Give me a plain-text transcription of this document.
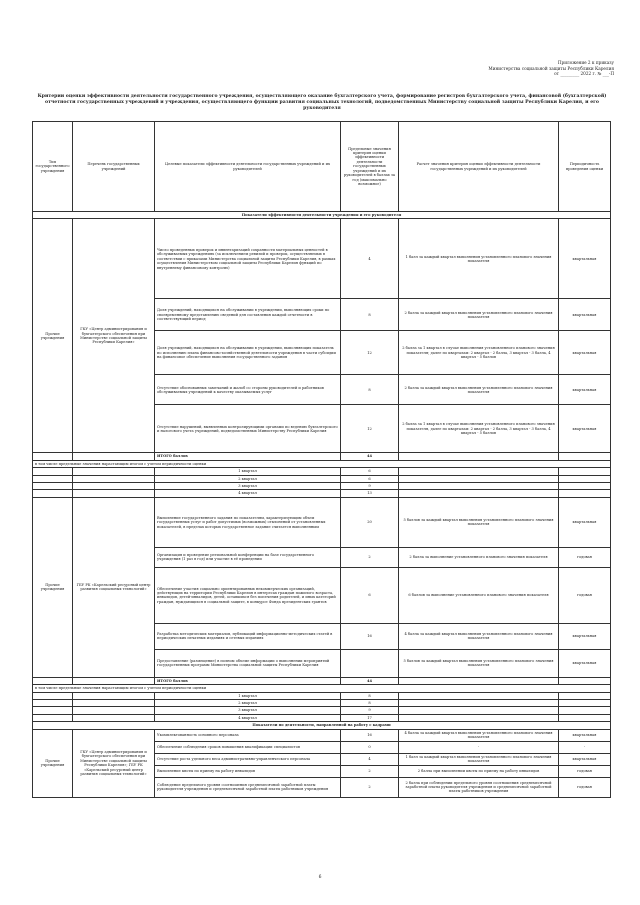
Приложение 2 к приказу
Министерства социальной защиты Республики Карелия
от _________ 2022 г. № ___-П
Критерии оценки эффективности деятельности государственного учреждения, осуществляющего оказание бухгалтерского учета, формирование регистров бухгалтерского учета, финансовой (бухгалтерской) отчетности государственных учреждений и учреждения, осуществляющего функции развития социальных технологий, подведомственных Министерству социальной защиты Республики Карелия, и его руководителя
Тип государственного учреждения	Перечень государственных учреждений	Целевые показатели эффективности деятельности государственных учреждений и их руководителей	Предельные значения критерия оценки эффективности деятельности государственных учреждений и их руководителей в баллах за год (максимально возможное)	Расчет значения критерия оценки эффективности деятельности государственных учреждений и их руководителей	Периодичность проведения оценки
Показатели эффективности деятельности учреждения и его руководителя					
Прочие учреждения	ГКУ «Центр администрирования и бухгалтерского обеспечения при Министерстве социальной защиты Республики Карелия»	Число проведенных проверок и инвентаризаций сохранности материальных ценностей в обслуживаемых учреждениях (за исключением ревизий и проверок, осуществляемых в соответствии с приказами Министерства социальной защиты Республики Карелия, в рамках осуществления Министерством социальной защиты Республики Карелия функций по внутреннему финансовому контролю)	4	1 балл за каждый квартал выполнения установленного планового значения показателя	квартальная
		Доля учреждений, находящихся на обслуживании в учреждении, выполняющих сроки по своевременному представлению сведений для составления каждой отчетности в соответствующий период	8	2 балла за каждый квартал выполнения установленного планового значения показателя	квартальная
		Доля учреждений, находящихся на обслуживании в учреждении, выполняющих показатель по исполнению плана финансово-хозяйственной деятельности учреждения в части субсидии на финансовое обеспечение выполнения государственного задания	12	2 балла за 1 квартал в случае выполнения установленного планового значения показателя; далее по кварталам: 2 квартал - 2 балла, 3 квартал - 3 балла, 4 квартал - 5 баллов	квартальная
		Отсутствие обоснованных замечаний и жалоб со стороны руководителей и работников обслуживаемых учреждений к качеству оказываемых услуг	8	2 балла за каждый квартал выполнения установленного планового значения показателя	квартальная
		Отсутствие нарушений, выявленных контролирующими органами по ведению бухгалтерского и налогового учета учреждений, подведомственных Министерству Республики Карелия	12	2 балла за 1 квартал в случае выполнения установленного планового значения показателя, далее по кварталам: 2 квартал - 2 балла, 3 квартал - 3 балла, 4 квартал - 5 баллов	квартальная
		ИТОГО баллов	44		
в том числе предельные значения нарастающим итогом с учетом периодичности оценки					
		1 квартал	6		
		2 квартал	6		
		3 квартал	9		
		4 квартал	13		
Прочие учреждения	ГБУ РК «Карельский ресурсный центр развития социальных технологий»	Выполнение государственного задания по показателям, характеризующим объем государственных услуг и работ допустимых (возможных) отклонений от установленных показателей, в пределах которых государственное задание считается выполненным	20	5 баллов за каждый квартал выполнения установленного планового значения показателя	квартальная
		Организация и проведение региональной конференции на базе государственного учреждения (1 раз в год) или участие в её проведении	2	2 балла за выполнение установленного планового значения показателя	годовая
		Обеспечение участия социально ориентированных некоммерческих организаций, действующих на территории Республики Карелия в интересах граждан пожилого возраста, инвалидов, детей-инвалидов, детей, оставшихся без попечения родителей, и иных категорий граждан, нуждающихся в социальной защите, в конкурсе Фонда президентских грантов	6	6 баллов за выполнение установленного планового значения показателя	годовая
		Разработка методических материалов, публикаций информационно-методических статей в периодических печатных изданиях и сетевых изданиях	16	4 балла за каждый квартал выполнения установленного планового значения показателя	квартальная
		Предоставление (размещение) в полном объеме информации о выполнении мероприятий государственных программ Министерства социальной защиты Республики Карелия		5 баллов за каждый квартал выполнения установленного планового значения показателя	квартальная
		ИТОГО баллов	44		
в том числе предельные значения нарастающим итогом с учетом периодичности оценки					
		1 квартал	8		
		2 квартал	8		
		3 квартал	9		
		4 квартал	17		
Показатели по деятельности, направленной на работу с кадрами					
Прочие учреждения	ГКУ «Центр администрирования и бухгалтерского обеспечения при Министерстве социальной защиты Республики Карелия»; ГБУ РК «Карельский ресурсный центр развития социальных технологий»	Укомплектованность основного персонала	16	4 балла за каждый квартал выполнения установленного планового значения показателя	квартальная
		Обеспечение соблюдения сроков повышения квалификации специалистов	0	-	-
		Отсутствие роста удельного веса административно-управленческого персонала	4	1 балл за каждый квартал выполнения установленного планового значения показателя	квартальная
		Выполнение квоты по приему на работу инвалидов	2	2 балла при выполнении квоты по приему на работу инвалидов	годовая
		Соблюдение предельного уровня соотношения среднемесячной заработной платы руководителя учреждения и среднемесячной заработной платы работников учреждения	2	2 балла при соблюдении предельного уровня соотношения среднемесячной заработной платы руководителя учреждения и среднемесячной заработной платы работников учреждения	годовая
6
